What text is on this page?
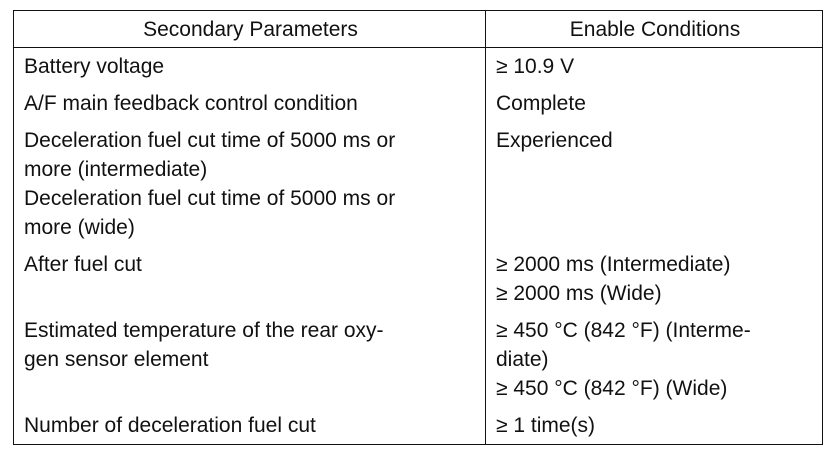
Secondary Parameters	Enable Conditions

Battery voltage	≥ 10.9 V

A/F main feedback control condition	Complete

Deceleration fuel cut time of 5000 ms or
more (intermediate)
Deceleration fuel cut time of 5000 ms or
more (wide)	Experienced

After fuel cut	≥ 2000 ms (Intermediate)
≥ 2000 ms (Wide)

Estimated temperature of the rear oxy-
gen sensor element	≥ 450 °C (842 °F) (Interme-
diate)
≥ 450 °C (842 °F) (Wide)

Number of deceleration fuel cut	≥ 1 time(s)
